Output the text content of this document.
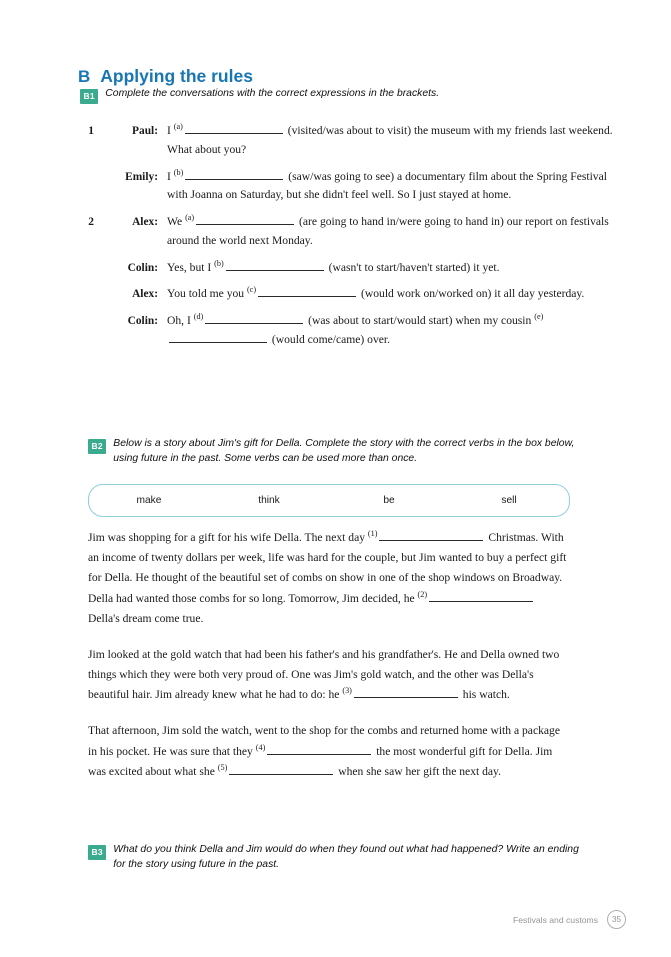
B Applying the rules
B1	Complete the conversations with the correct expressions in the brackets.
1	Paul: I $^{(a)}$	(visited/was about to visit) the museum with my friends last weekend. What about you?

Emily: I $^{(b)}$	(saw/was going to see) a documentary film about the Spring Festival with Joanna on Saturday, but she didn't feel well. So I just stayed at home.

2	Alex: We $^{(a)}$	(are going to hand in/were going to hand in) our report on festivals around the world next Monday.

Colin: Yes, but I $^{(b)}$	(wasn't to start/haven't started) it yet.

Alex: You told me you $^{(c)}$	(would work on/worked on) it all day yesterday.

Colin: Oh, I $^{(d)}$	(was about to start/would start) when my cousin $^{(e)}$ (would come/came) over.

B2	Below is a story about Jim's gift for Della. Complete the story with the correct verbs in the box below, using future in the past. Some verbs can be used more than once.
make	think	be	sell

Jim was shopping for a gift for his wife Della. The next day $^{(1)}$	Christmas. With an income of twenty dollars per week, life was hard for the couple, but Jim wanted to buy a perfect gift for Della. He thought of the beautiful set of combs on show in one of the shop windows on Broadway. Della had wanted those combs for so long. Tomorrow, Jim decided, he $^{(2)}$ Della's dream come true.

Jim looked at the gold watch that had been his father's and his grandfather's. He and Della owned two things which they were both very proud of. One was Jim's gold watch, and the other was Della's beautiful hair. Jim already knew what he had to do: he $^{(3)}$	his watch.

That afternoon, Jim sold the watch, went to the shop for the combs and returned home with a package in his pocket. He was sure that they $^{(4)}$	the most wonderful gift for Della. Jim was excited about what she $^{(5)}$	when she saw her gift the next day.

B3	What do you think Della and Jim would do when they found out what had happened? Write an ending for the story using future in the past.
Festivals and customs	35
